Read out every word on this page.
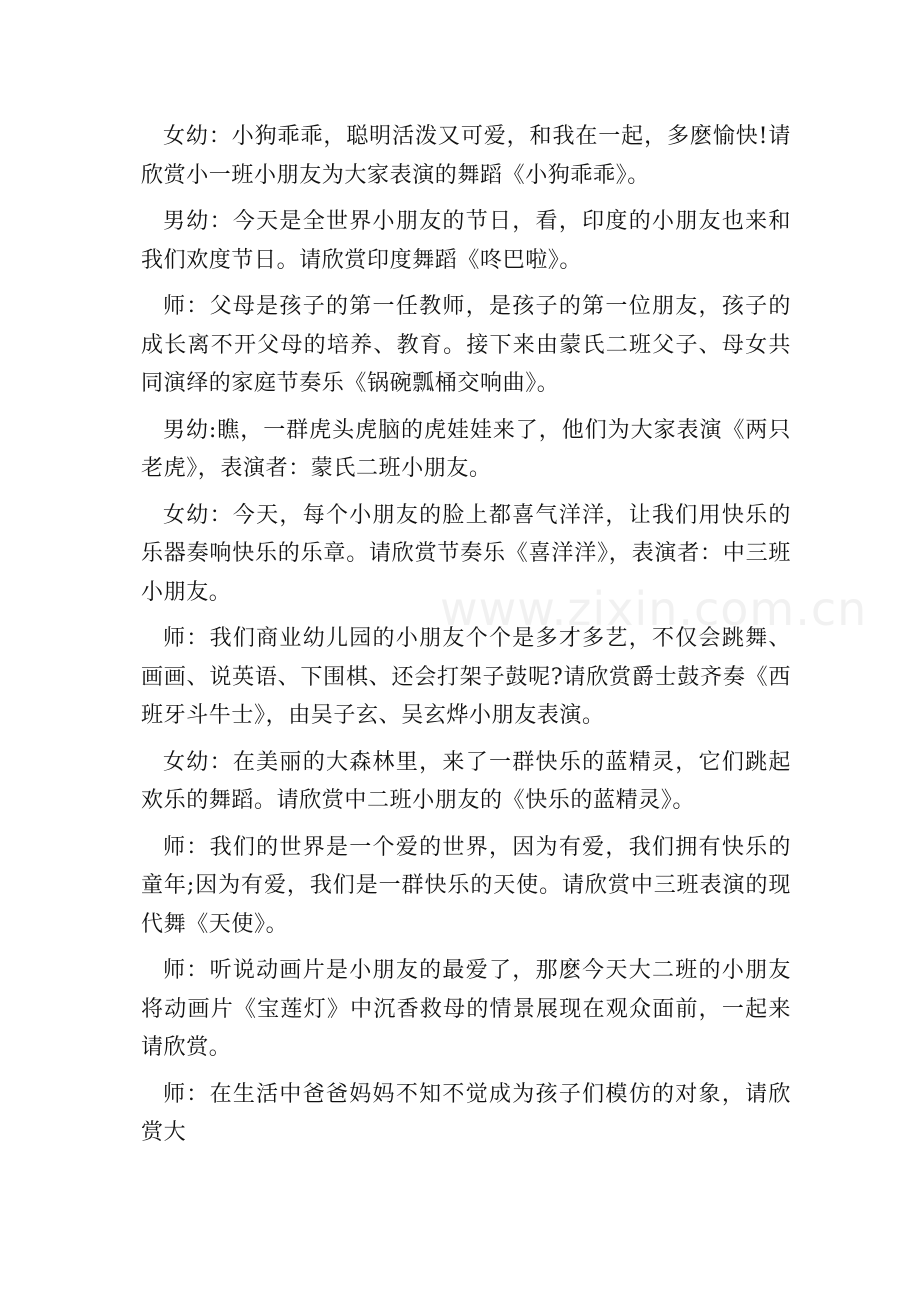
女幼：小狗乖乖，聪明活泼又可爱，和我在一起，多麽愉快!请欣赏小一班小朋友为大家表演的舞蹈《小狗乖乖》。

男幼：今天是全世界小朋友的节日，看，印度的小朋友也来和我们欢度节日。请欣赏印度舞蹈《咚巴啦》。

师：父母是孩子的第一任教师，是孩子的第一位朋友，孩子的成长离不开父母的培养、教育。接下来由蒙氏二班父子、母女共同演绎的家庭节奏乐《锅碗瓢桶交响曲》。

男幼:瞧，一群虎头虎脑的虎娃娃来了，他们为大家表演《两只老虎》，表演者：蒙氏二班小朋友。

女幼：今天，每个小朋友的脸上都喜气洋洋，让我们用快乐的乐器奏响快乐的乐章。请欣赏节奏乐《喜洋洋》，表演者：中三班小朋友。

师：我们商业幼儿园的小朋友个个是多才多艺，不仅会跳舞、画画、说英语、下围棋、还会打架子鼓呢?请欣赏爵士鼓齐奏《西班牙斗牛士》，由吴子玄、吴玄烨小朋友表演。

女幼：在美丽的大森林里，来了一群快乐的蓝精灵，它们跳起欢乐的舞蹈。请欣赏中二班小朋友的《快乐的蓝精灵》。

师：我们的世界是一个爱的世界，因为有爱，我们拥有快乐的童年;因为有爱，我们是一群快乐的天使。请欣赏中三班表演的现代舞《天使》。

师：听说动画片是小朋友的最爱了，那麽今天大二班的小朋友将动画片《宝莲灯》中沉香救母的情景展现在观众面前，一起来请欣赏。

师：在生活中爸爸妈妈不知不觉成为孩子们模仿的对象，请欣赏大

www.zixin.com.cn
